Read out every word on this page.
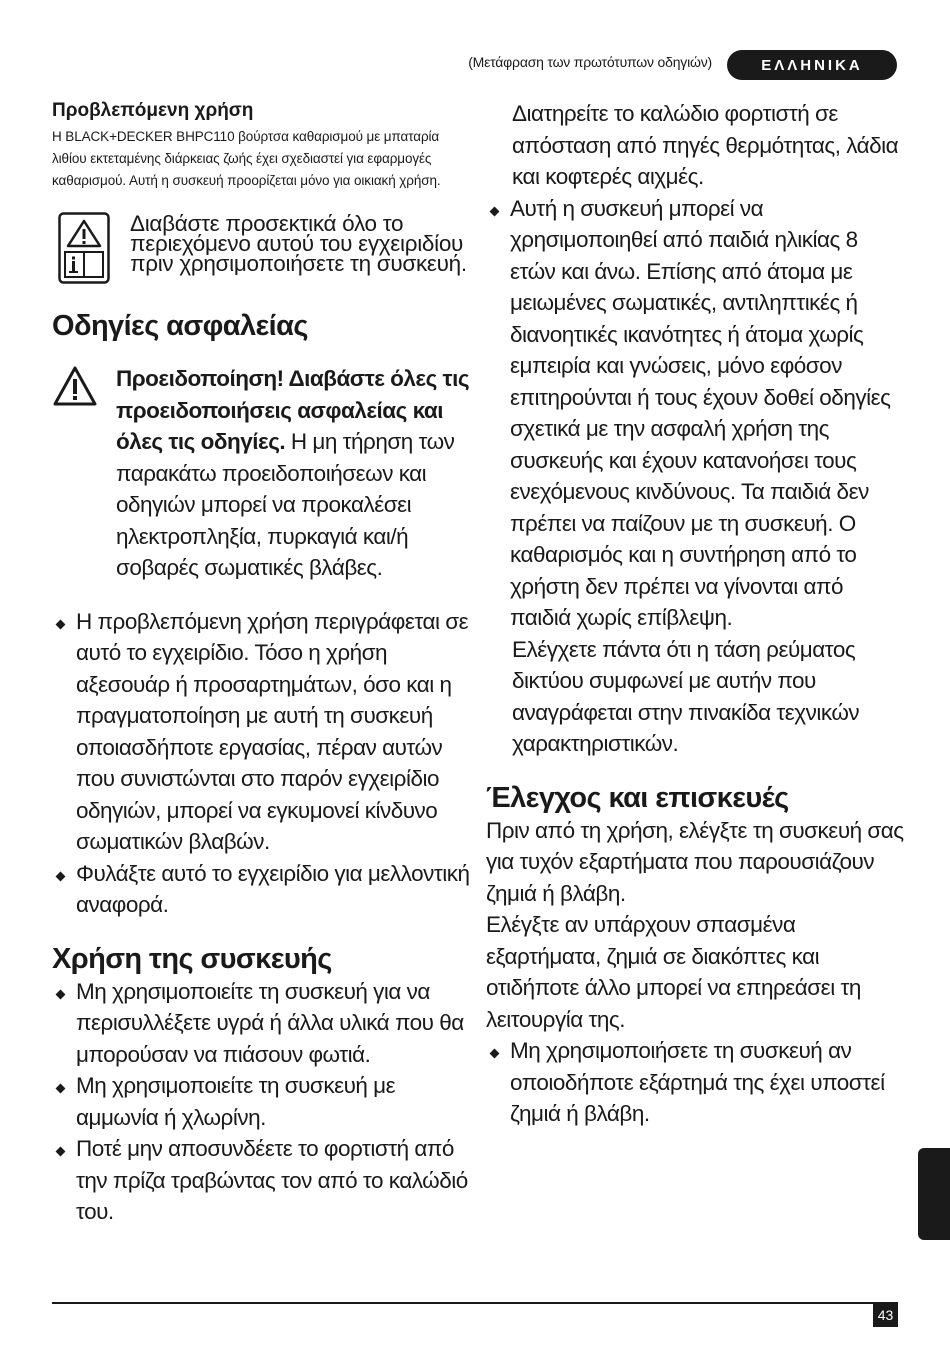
(Μετάφραση των πρωτότυπων οδηγιών)	ΕΛΛΗΝΙΚΑ
Προβλεπόμενη χρήση

Η BLACK+DECKER BHPC110 βούρτσα καθαρισμού με μπαταρία λιθίου εκτεταμένης διάρκειας ζωής έχει σχεδιαστεί για εφαρμογές καθαρισμού. Αυτή η συσκευή προορίζεται μόνο για οικιακή χρήση.

Διαβάστε προσεκτικά όλο το περιεχόμενο αυτού του εγχειριδίου πριν χρησιμοποιήσετε τη συσκευή.
Οδηγίες ασφαλείας

Προειδοποίηση! Διαβάστε όλες τις προειδοποιήσεις ασφαλείας και όλες τις οδηγίες. Η μη τήρηση των παρακάτω προειδοποιήσεων και οδηγιών μπορεί να προκαλέσει ηλεκτροπληξία, πυρκαγιά και/ή σοβαρές σωματικές βλάβες.

Η προβλεπόμενη χρήση περιγράφεται σε αυτό το εγχειρίδιο. Τόσο η χρήση αξεσουάρ ή προσαρτημάτων, όσο και η πραγματοποίηση με αυτή τη συσκευή οποιασδήποτε εργασίας, πέραν αυτών που συνιστώνται στο παρόν εγχειρίδιο οδηγιών, μπορεί να εγκυμονεί κίνδυνο σωματικών βλαβών.
Φυλάξτε αυτό το εγχειρίδιο για μελλοντική αναφορά.
Χρήση της συσκευής
Μη χρησιμοποιείτε τη συσκευή για να περισυλλέξετε υγρά ή άλλα υλικά που θα μπορούσαν να πιάσουν φωτιά.
Μη χρησιμοποιείτε τη συσκευή με αμμωνία ή χλωρίνη.
Ποτέ μην αποσυνδέετε το φορτιστή από την πρίζα τραβώντας τον από το καλώδιό του.

Διατηρείτε το καλώδιο φορτιστή σε απόσταση από πηγές θερμότητας, λάδια και κοφτερές αιχμές.

Αυτή η συσκευή μπορεί να χρησιμοποιηθεί από παιδιά ηλικίας 8 ετών και άνω. Επίσης από άτομα με μειωμένες σωματικές, αντιληπτικές ή διανοητικές ικανότητες ή άτομα χωρίς εμπειρία και γνώσεις, μόνο εφόσον επιτηρούνται ή τους έχουν δοθεί οδηγίες σχετικά με την ασφαλή χρήση της συσκευής και έχουν κατανοήσει τους ενεχόμενους κινδύνους. Τα παιδιά δεν πρέπει να παίζουν με τη συσκευή. Ο καθαρισμός και η συντήρηση από το χρήστη δεν πρέπει να γίνονται από παιδιά χωρίς επίβλεψη.

Ελέγχετε πάντα ότι η τάση ρεύματος δικτύου συμφωνεί με αυτήν που αναγράφεται στην πινακίδα τεχνικών χαρακτηριστικών.

Έλεγχος και επισκευές

Πριν από τη χρήση, ελέγξτε τη συσκευή σας για τυχόν εξαρτήματα που παρουσιάζουν ζημιά ή βλάβη.

Ελέγξτε αν υπάρχουν σπασμένα εξαρτήματα, ζημιά σε διακόπτες και οτιδήποτε άλλο μπορεί να επηρεάσει τη λειτουργία της.

Μη χρησιμοποιήσετε τη συσκευή αν οποιοδήποτε εξάρτημά της έχει υποστεί ζημιά ή βλάβη.
43
